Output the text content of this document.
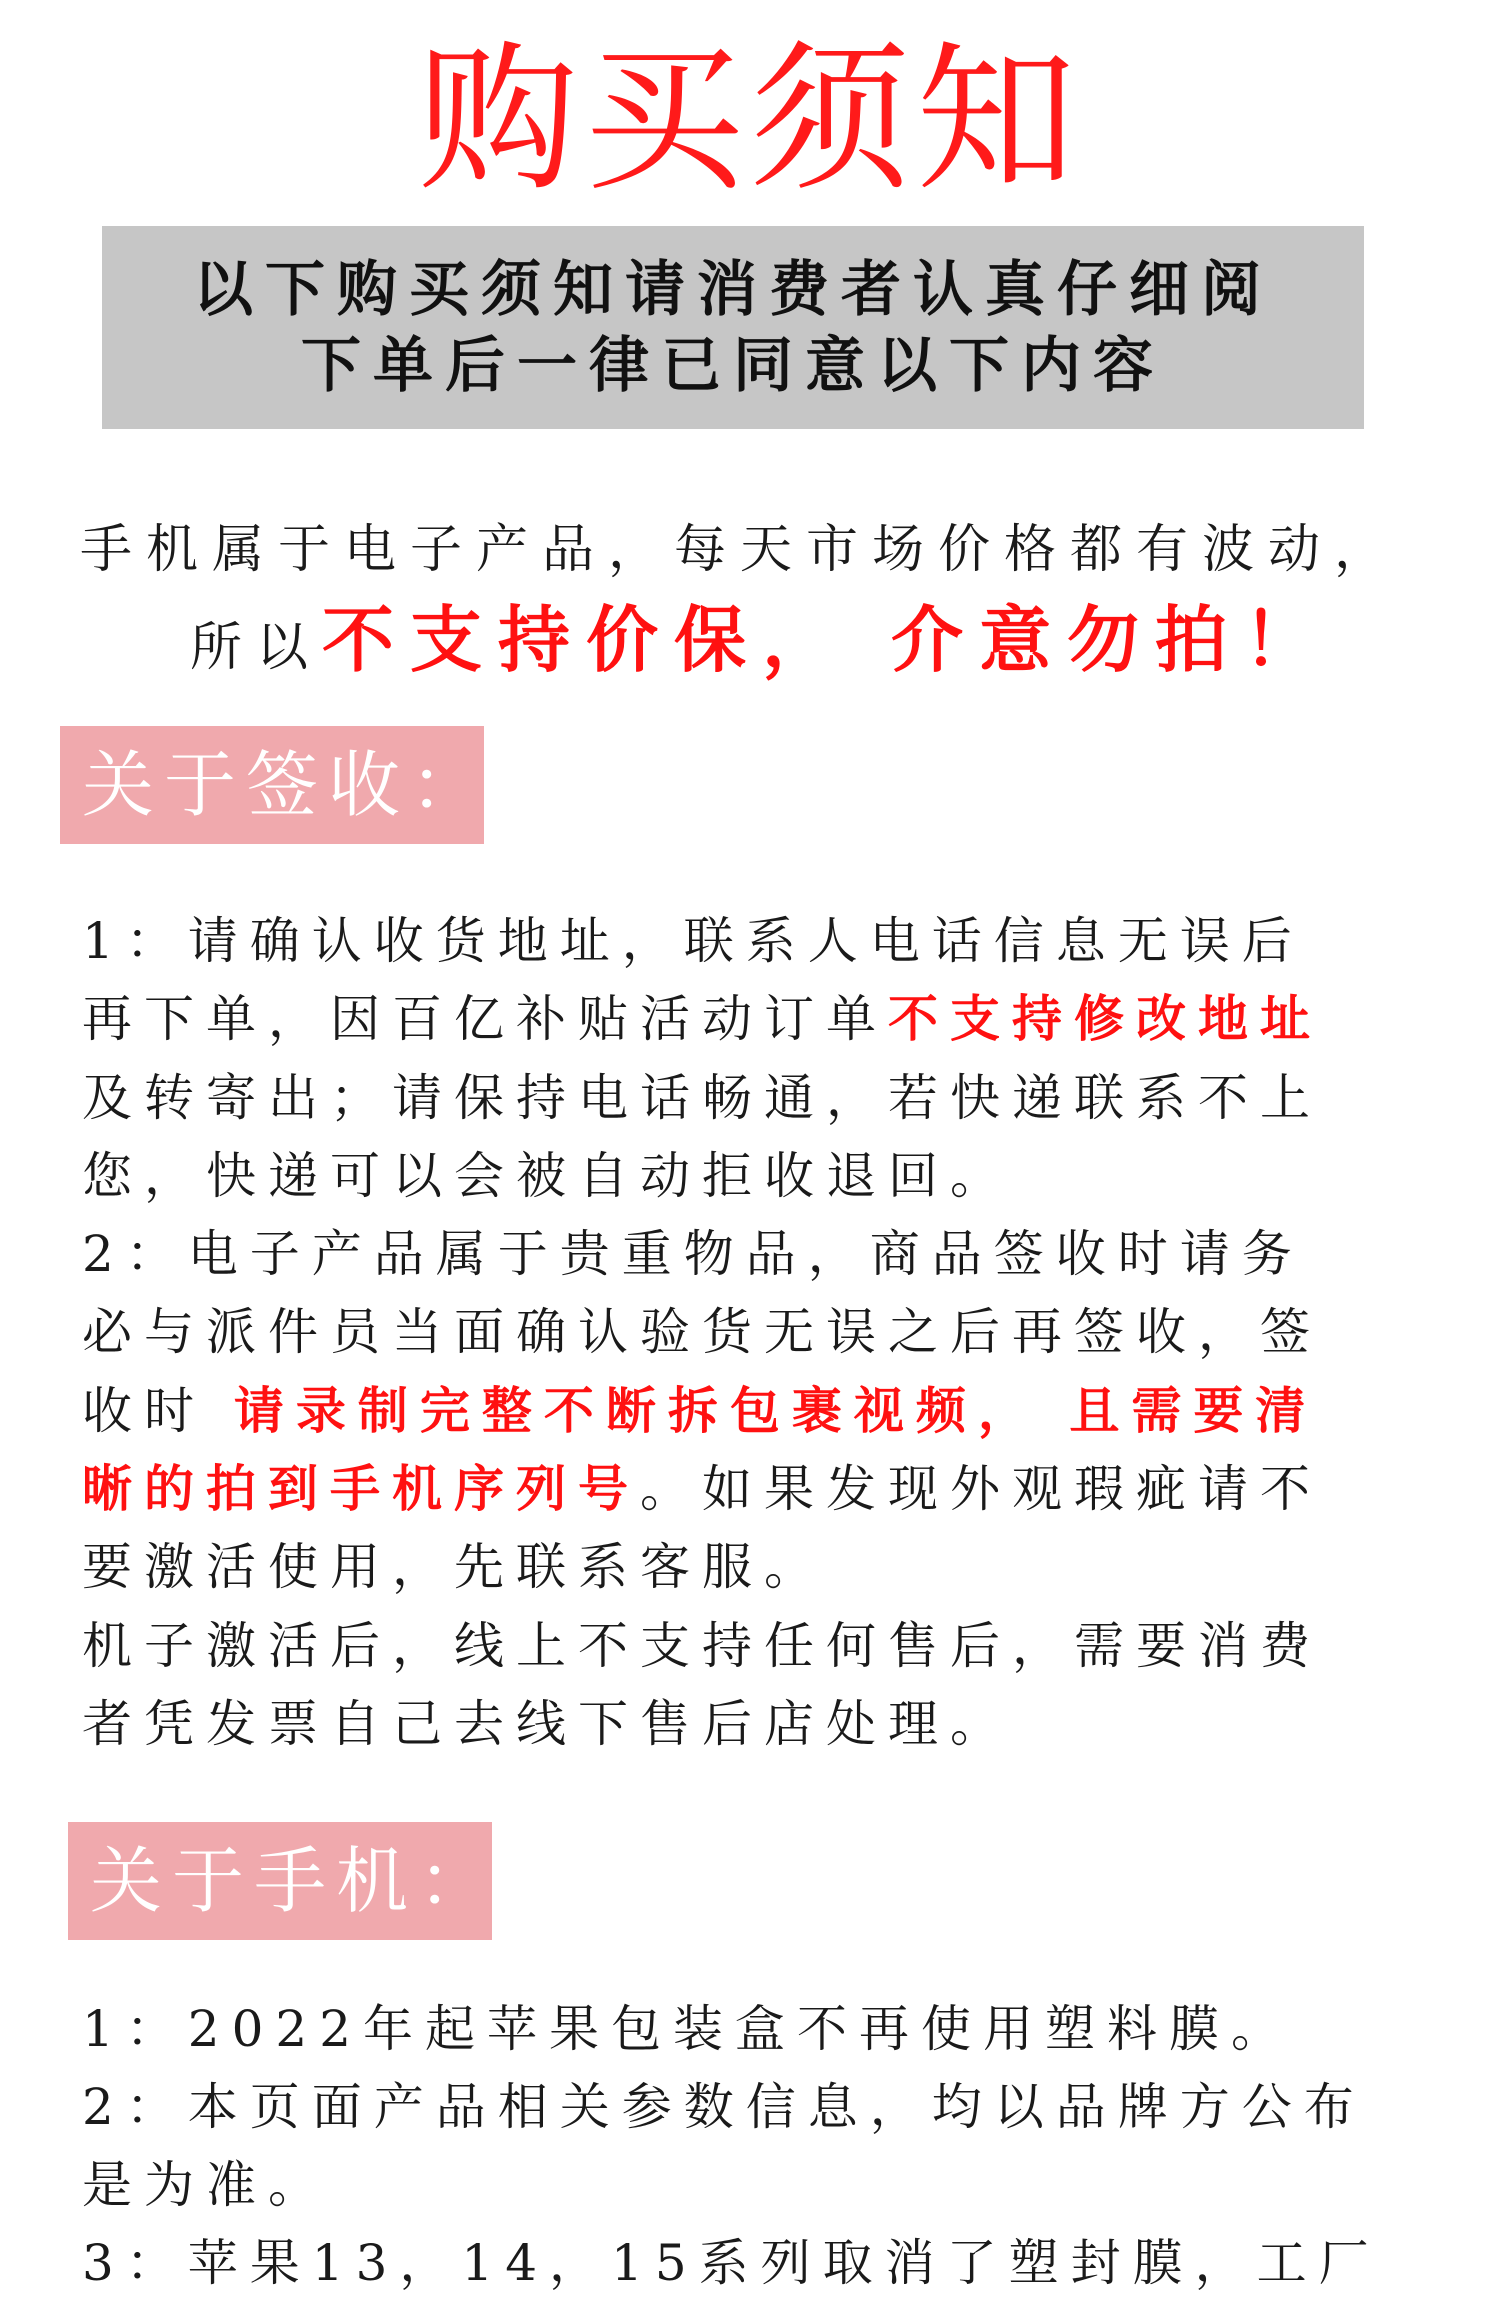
购买须知
以下购买须知请消费者认真仔细阅
下单后一律已同意以下内容
手机属于电子产品，每天市场价格都有波动，
所以不支持价保， 介意勿拍！
关于签收：
1：请确认收货地址，联系人电话信息无误后
再下单，因百亿补贴活动订单不支持修改地址
及转寄出；请保持电话畅通，若快递联系不上
您，快递可以会被自动拒收退回。
2：电子产品属于贵重物品，商品签收时请务
必与派件员当面确认验货无误之后再签收，签
收时 请录制完整不断拆包裹视频， 且需要清
晰的拍到手机序列号。如果发现外观瑕疵请不
要激活使用，先联系客服。
机子激活后，线上不支持任何售后，需要消费
者凭发票自己去线下售后店处理。
关于手机：
1：2022年起苹果包装盒不再使用塑料膜。
2：本页面产品相关参数信息，均以品牌方公布
是为准。
3：苹果13，14，15系列取消了塑封膜，工厂
